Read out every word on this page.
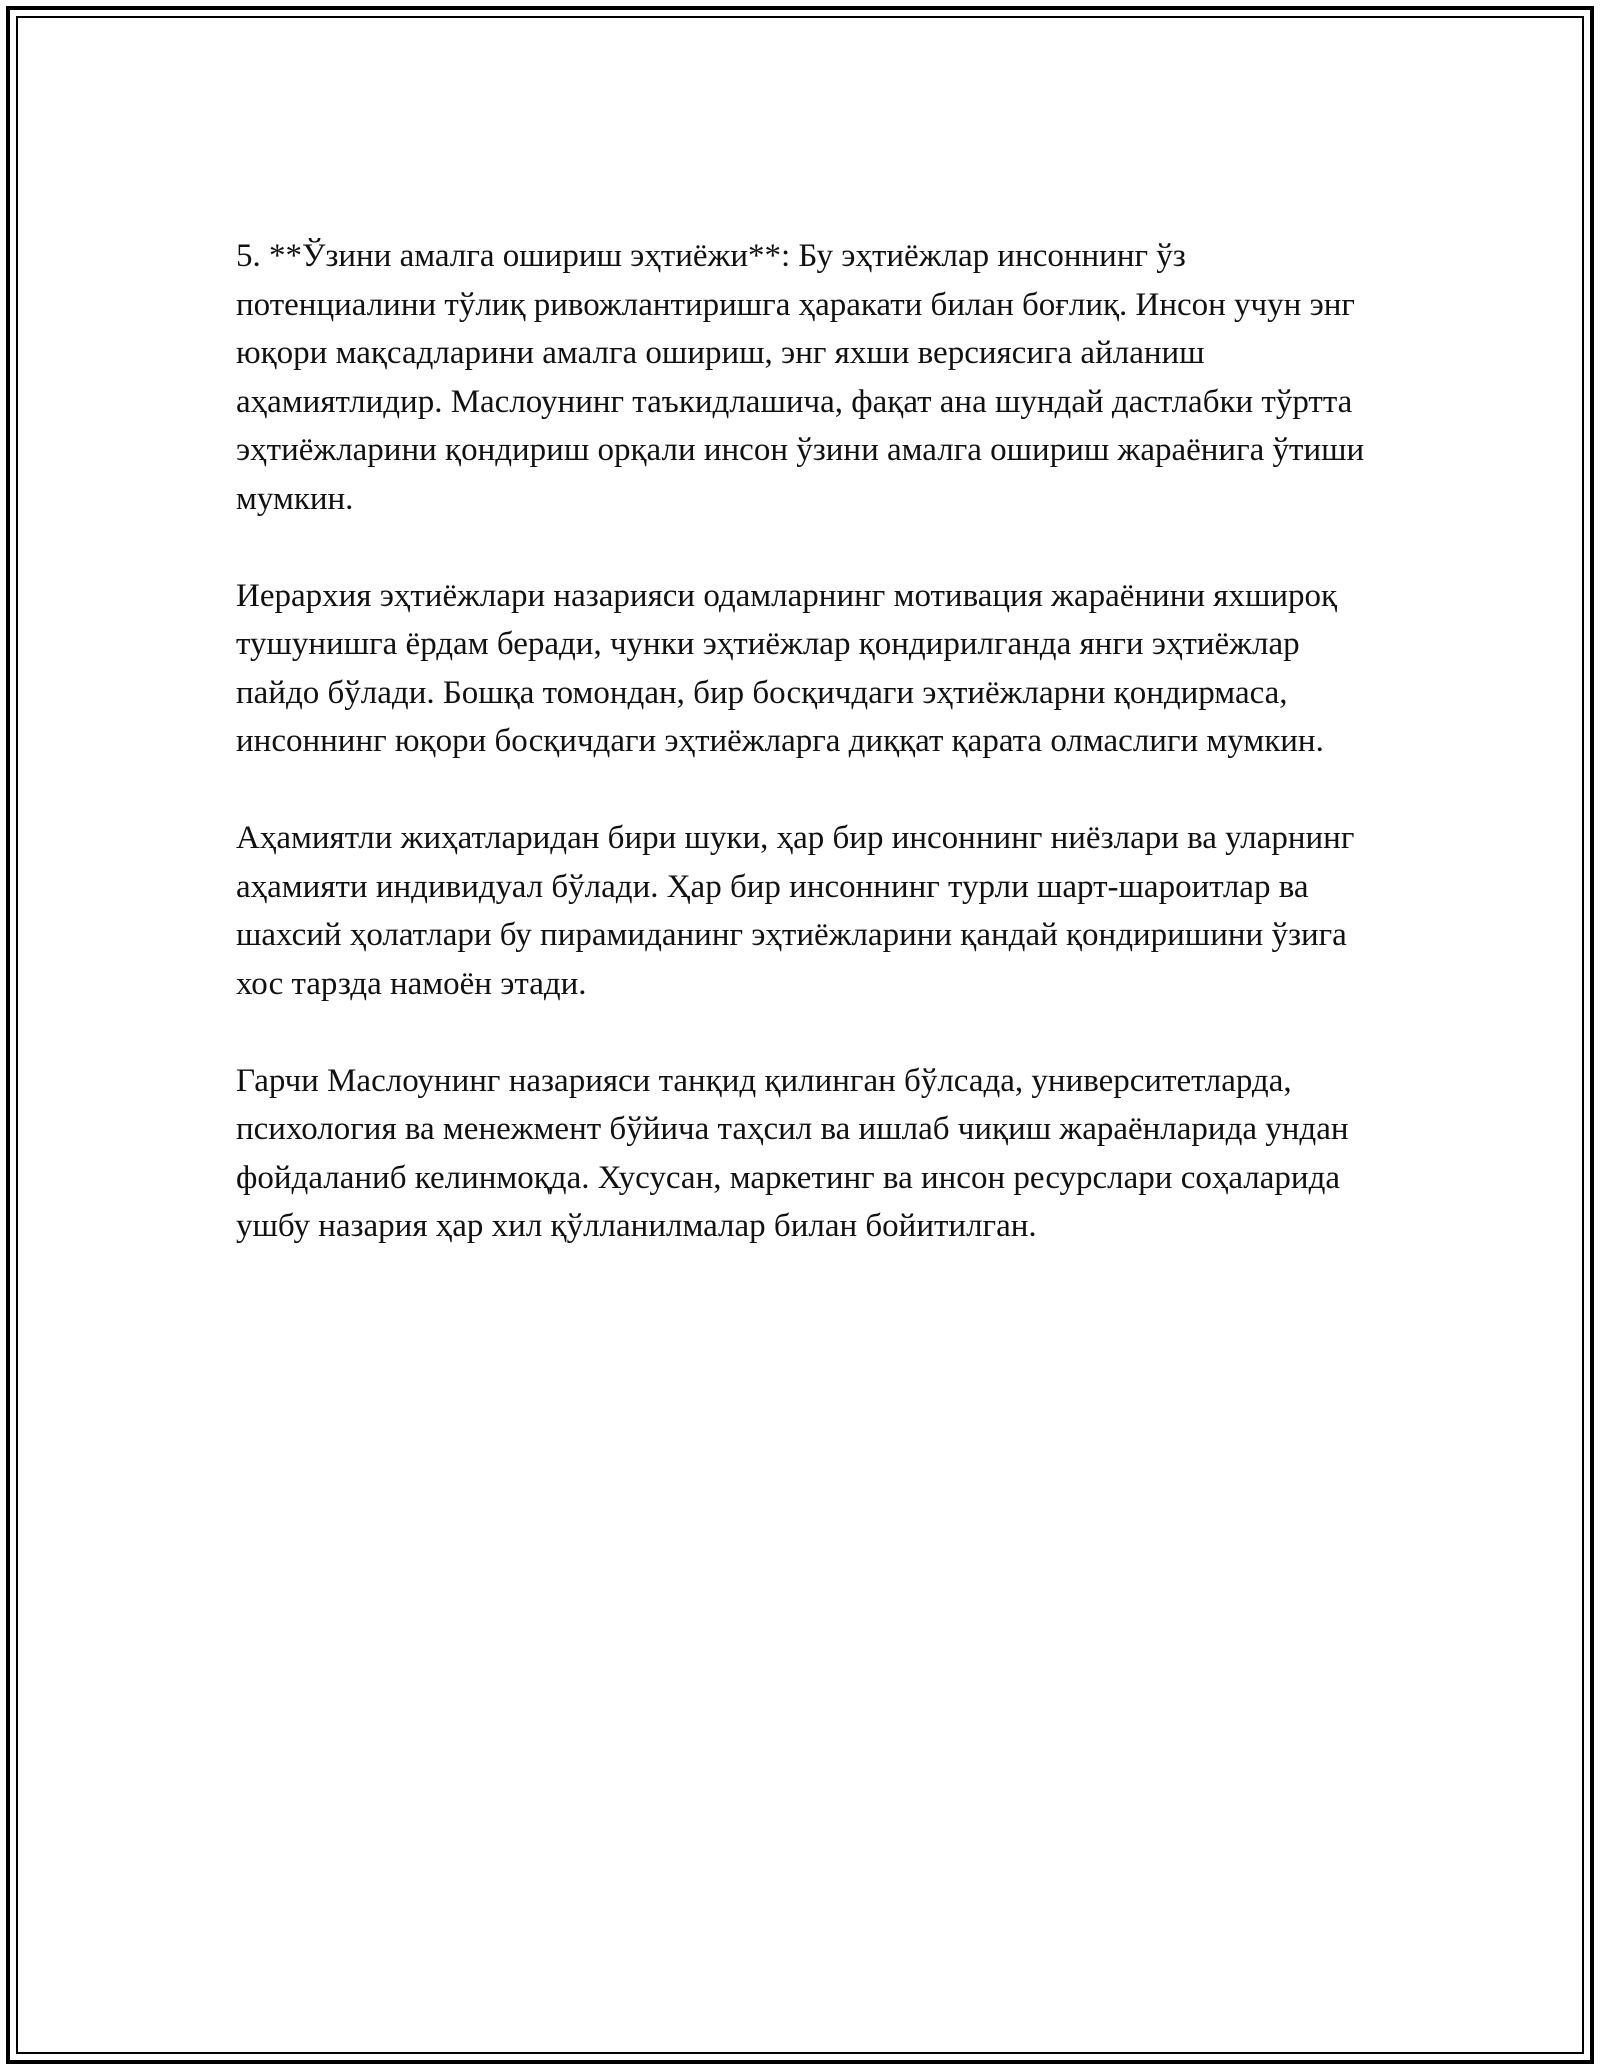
5. **Ўзини амалга ошириш эҳтиёжи**: Бу эҳтиёжлар инсоннинг ўз потенциалини тўлиқ ривожлантиришга ҳаракати билан боғлиқ. Инсон учун энг юқори мақсадларини амалга ошириш, энг яхши версиясига айланиш аҳамиятлидир. Маслоунинг таъкидлашича, фақат ана шундай дастлабки тўртта эҳтиёжларини қондириш орқали инсон ўзини амалга ошириш жараёнига ўтиши мумкин.

Иерархия эҳтиёжлари назарияси одамларнинг мотивация жараёнини яхшироқ тушунишга ёрдам беради, чунки эҳтиёжлар қондирилганда янги эҳтиёжлар пайдо бўлади. Бошқа томондан, бир босқичдаги эҳтиёжларни қондирмаса, инсоннинг юқори босқичдаги эҳтиёжларга диққат қарата олмаслиги мумкин.

Аҳамиятли жиҳатларидан бири шуки, ҳар бир инсоннинг ниёзлари ва уларнинг аҳамияти индивидуал бўлади. Ҳар бир инсоннинг турли шарт-шароитлар ва шахсий ҳолатлари бу пирамиданинг эҳтиёжларини қандай қондиришини ўзига хос тарзда намоён этади.

Гарчи Маслоунинг назарияси танқид қилинган бўлсада, университетларда, психология ва менежмент бўйича таҳсил ва ишлаб чиқиш жараёнларида ундан фойдаланиб келинмоқда. Хусусан, маркетинг ва инсон ресурслари соҳаларида ушбу назария ҳар хил қўлланилмалар билан бойитилган.
